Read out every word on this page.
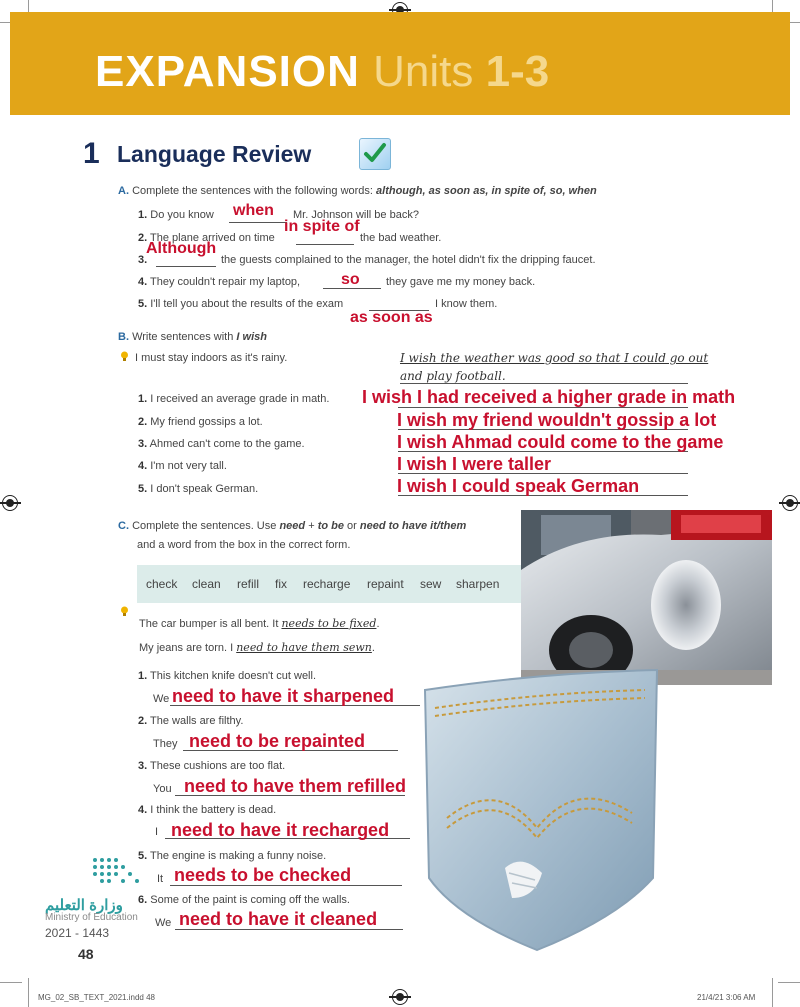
EXPANSION Units 1-3
1 Language Review
A. Complete the sentences with the following words: although, as soon as, in spite of, so, when
1. Do you know	Mr. Johnson will be back?
when
2. The plane arrived on time	the bad weather.
in spite of
3.	the guests complained to the manager, the hotel didn't fix the dripping faucet.
Although
4. They couldn't repair my laptop,	they gave me my money back.
so
5. I'll tell you about the results of the exam	I know them.
as soon as
B. Write sentences with I wish
I must stay indoors as it's rainy.	I wish the weather was good so that I could go out
and play football.
1. I received an average grade in math. I wish I had received a higher grade in math
2. My friend gossips a lot.	I wish my friend wouldn't gossip a lot
3. Ahmed can't come to the game.	I wish Ahmad could come to the game
4. I'm not very tall.	I wish I were taller
5. I don't speak German.	I wish I could speak German
C. Complete the sentences. Use need + to be or need to have it/them
and a word from the box in the correct form.
check clean refill fix recharge repaint sew sharpen
The car bumper is all bent. It needs to be fixed.
My jeans are torn. I need to have them sewn.
1. This kitchen knife doesn't cut well.
We need to have it sharpened
2. The walls are filthy.
They need to be repainted
3. These cushions are too flat.
You need to have them refilled
4. I think the battery is dead.
I need to have it recharged
5. The engine is making a funny noise.
It needs to be checked
6. Some of the paint is coming off the walls.
We need to have it cleaned
وزارة التعليم
Ministry of Education
2021 - 1443
48
MG_02_SB_TEXT_2021.indd 48	21/4/21 3:06 AM
